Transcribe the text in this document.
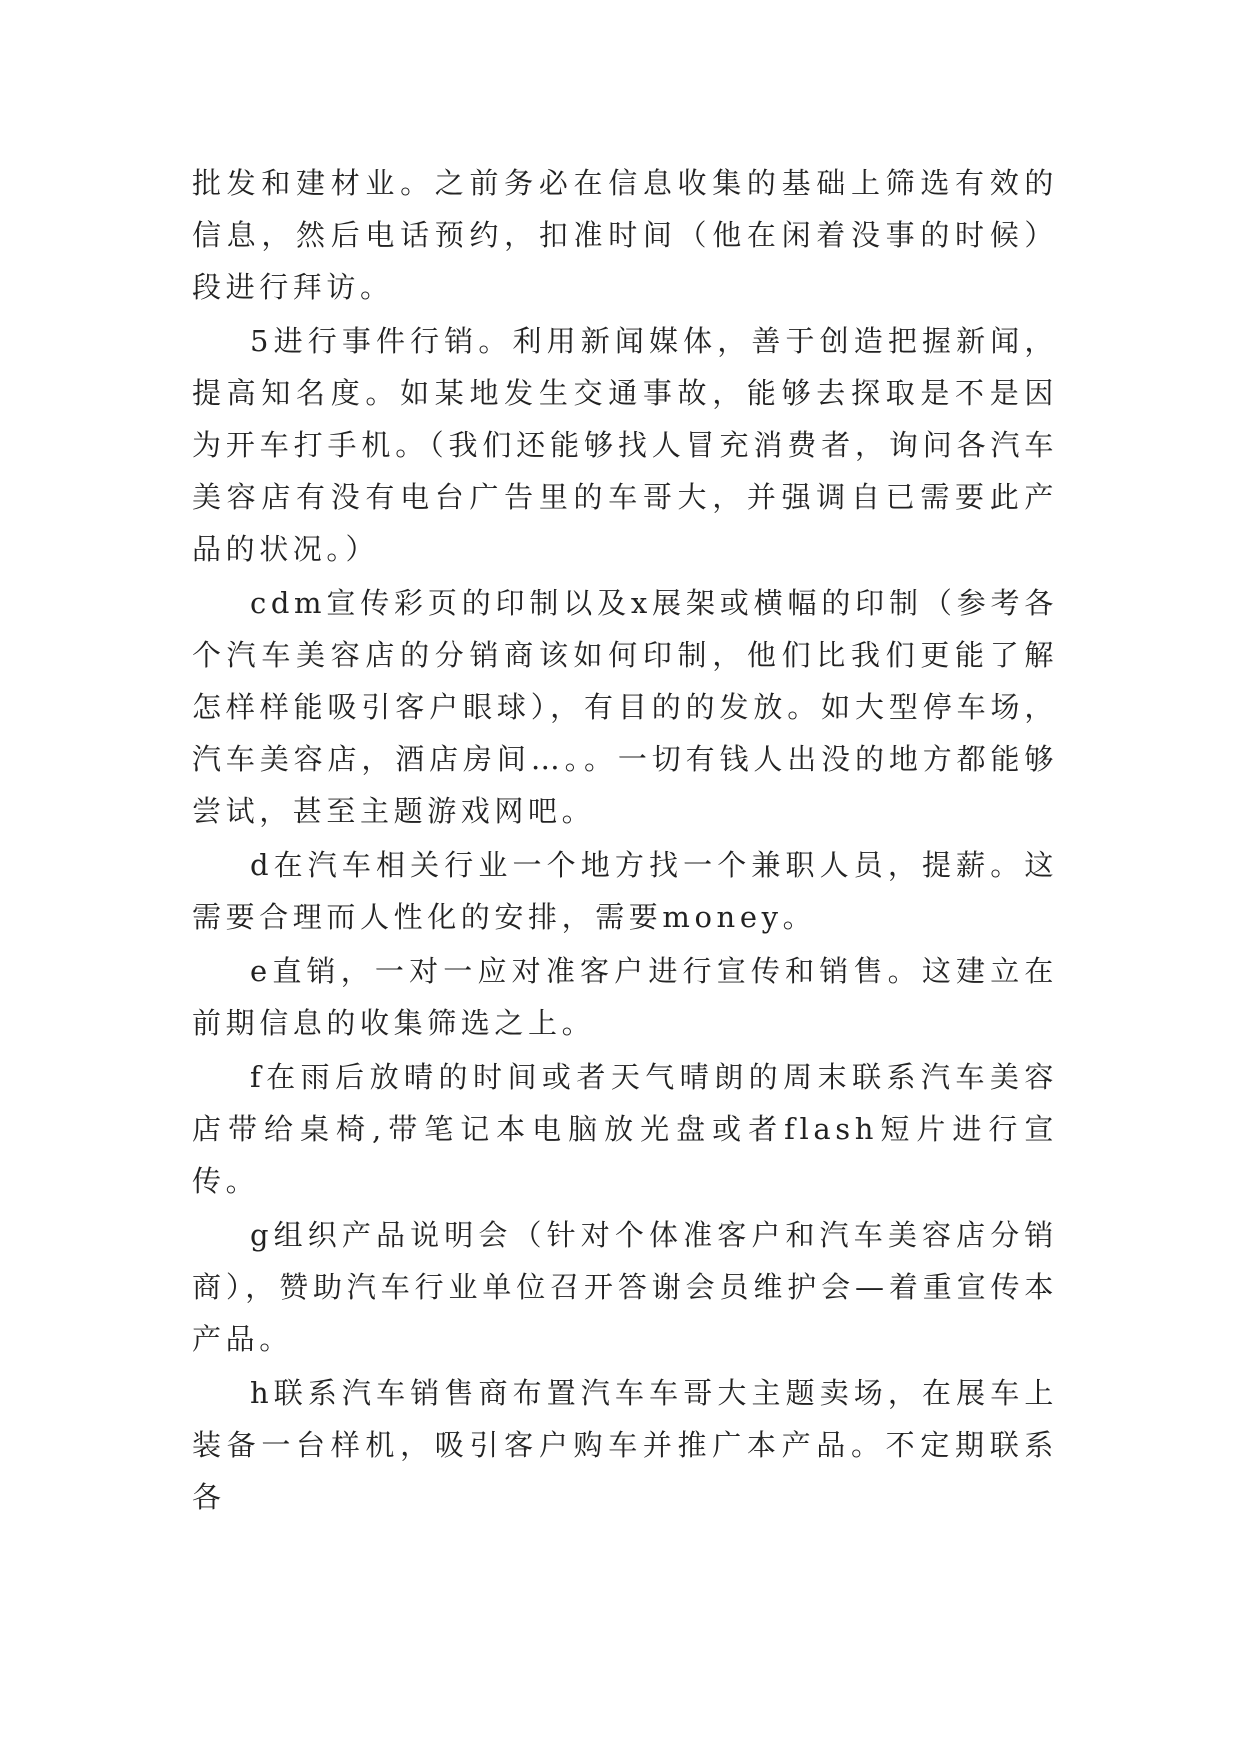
批发和建材业。之前务必在信息收集的基础上筛选有效的信息，然后电话预约，扣准时间（他在闲着没事的时候）段进行拜访。

5进行事件行销。利用新闻媒体，善于创造把握新闻，提高知名度。如某地发生交通事故，能够去探取是不是因为开车打手机。（我们还能够找人冒充消费者，询问各汽车美容店有没有电台广告里的车哥大，并强调自已需要此产品的状况。）

cdm宣传彩页的印制以及x展架或横幅的印制（参考各个汽车美容店的分销商该如何印制，他们比我们更能了解怎样样能吸引客户眼球），有目的的发放。如大型停车场，汽车美容店，酒店房间…。。一切有钱人出没的地方都能够尝试，甚至主题游戏网吧。

d在汽车相关行业一个地方找一个兼职人员，提薪。这需要合理而人性化的安排，需要money。

e直销，一对一应对准客户进行宣传和销售。这建立在前期信息的收集筛选之上。

f在雨后放晴的时间或者天气晴朗的周末联系汽车美容店带给桌椅,带笔记本电脑放光盘或者flash短片进行宣传。

g组织产品说明会（针对个体准客户和汽车美容店分销商），赞助汽车行业单位召开答谢会员维护会—着重宣传本产品。

h联系汽车销售商布置汽车车哥大主题卖场，在展车上装备一台样机，吸引客户购车并推广本产品。不定期联系各
